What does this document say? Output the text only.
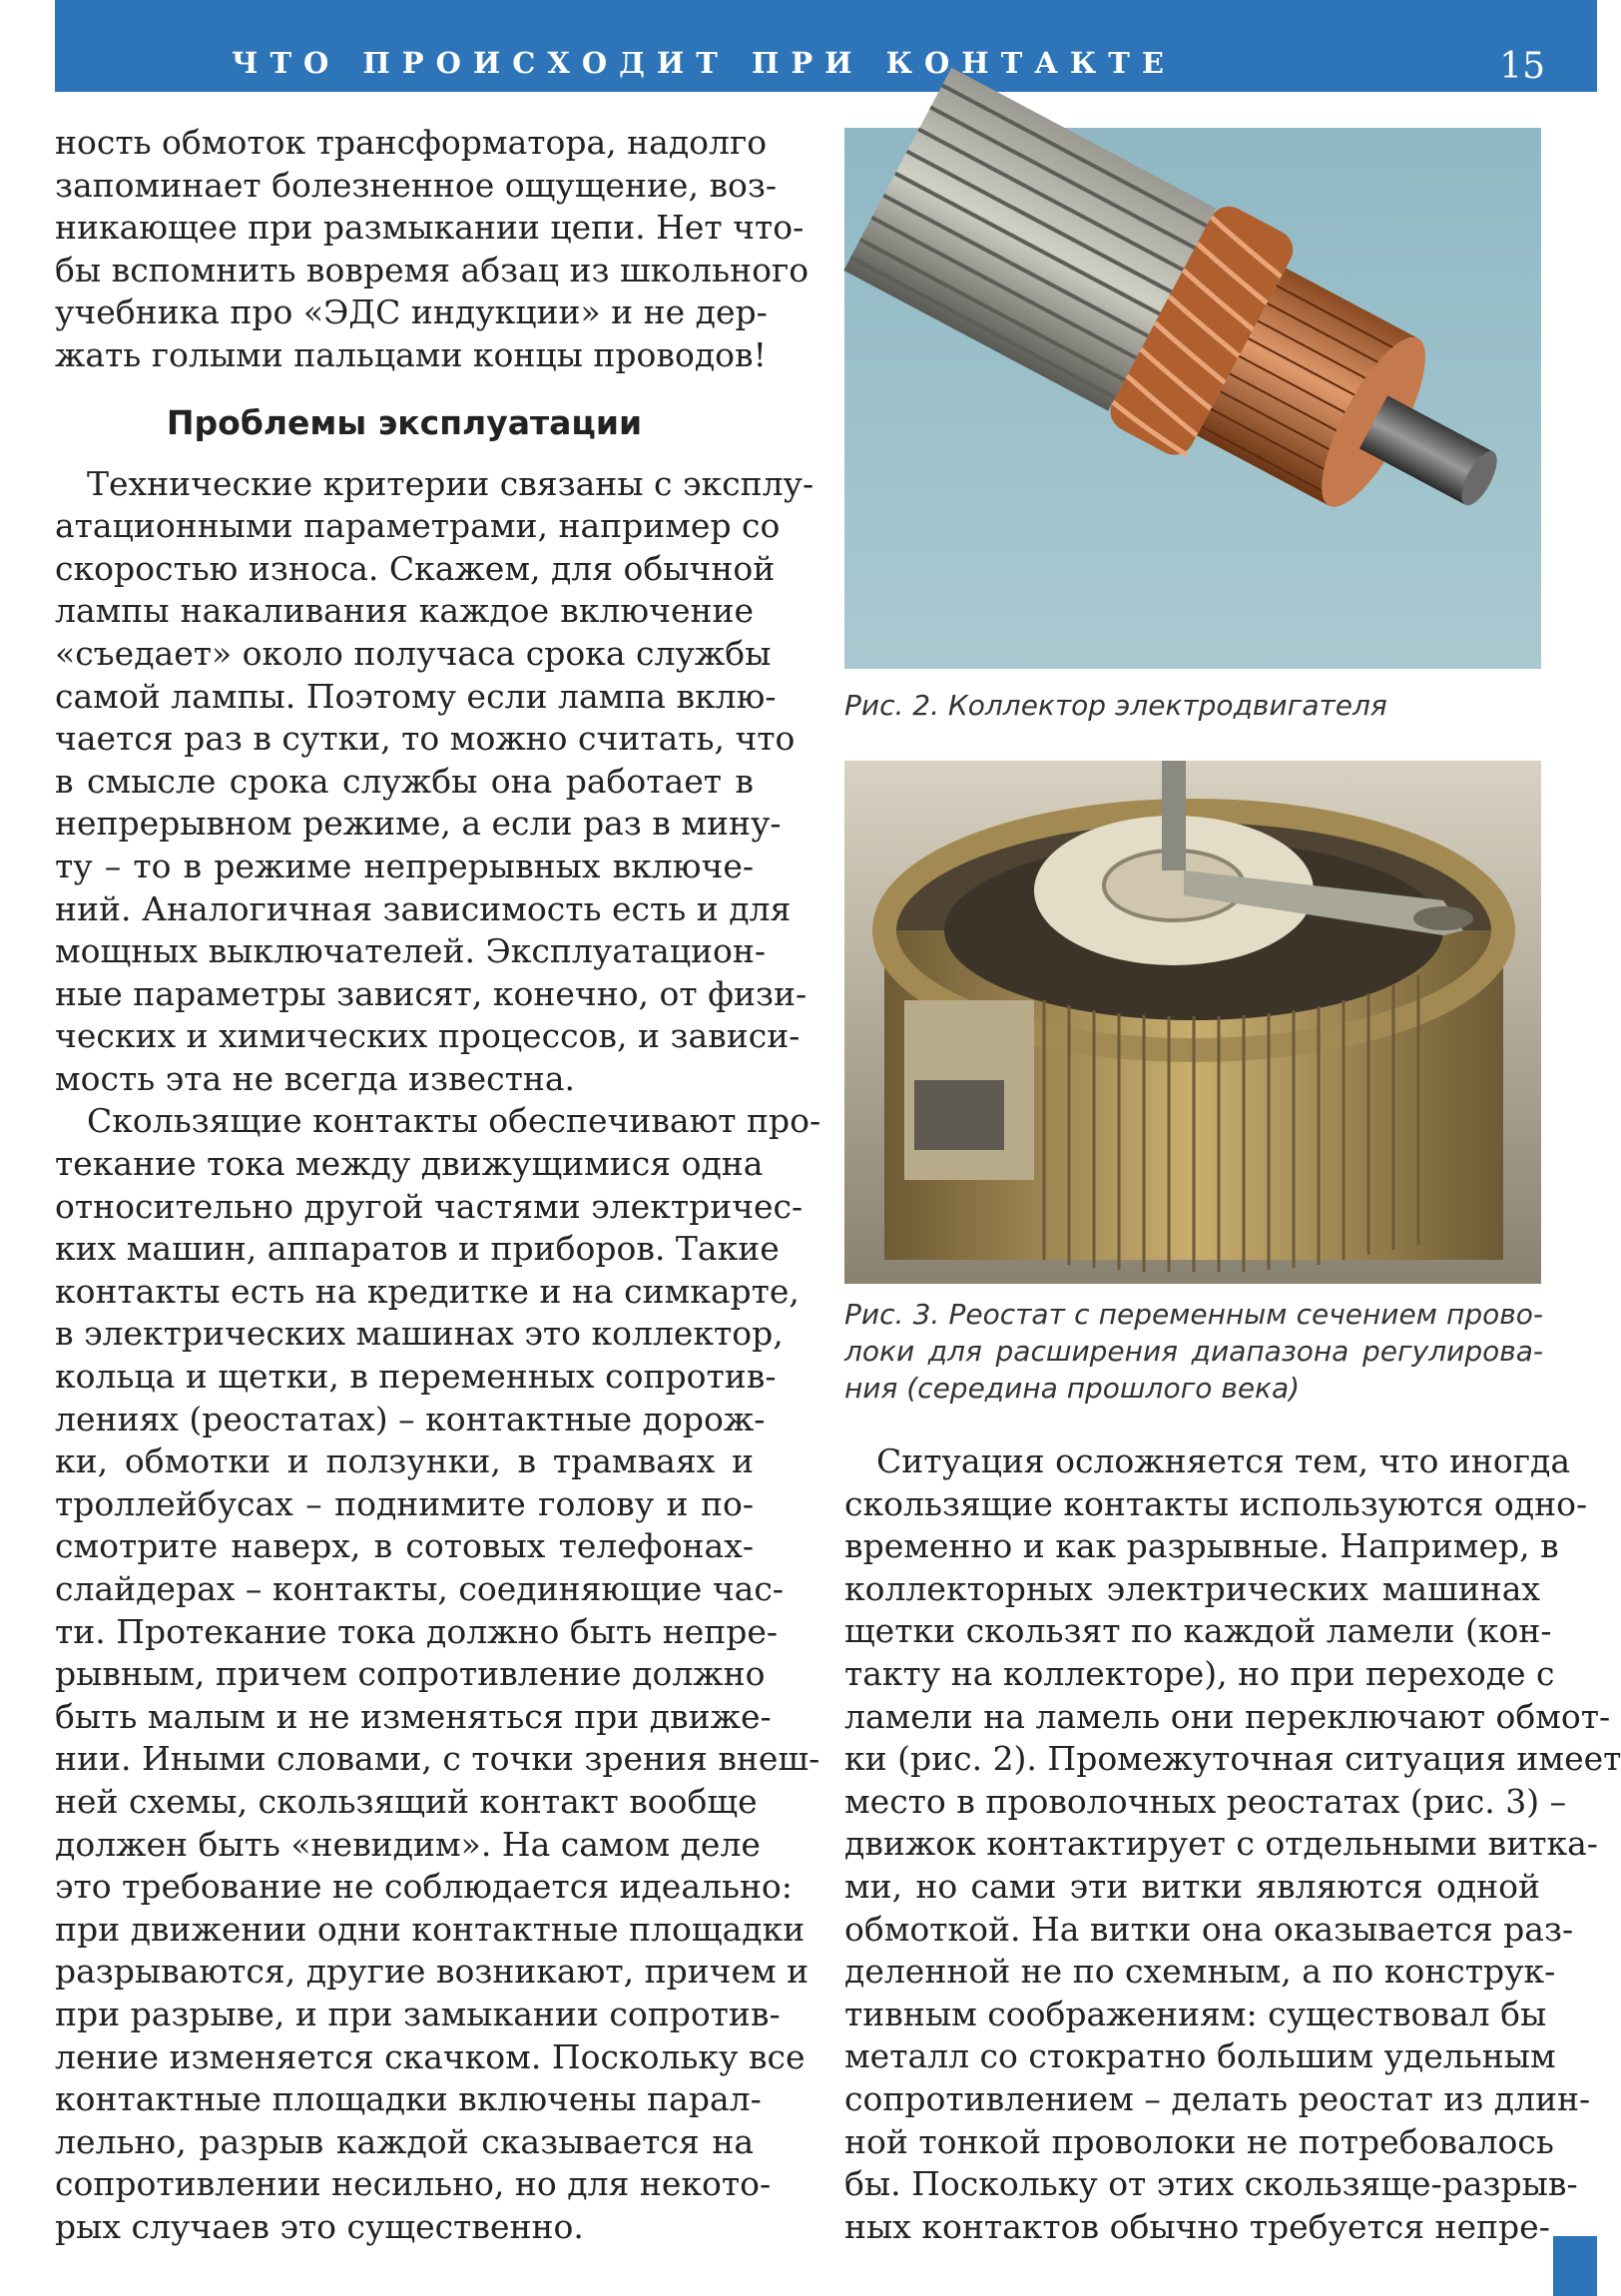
ЧТО ПРОИСХОДИТ ПРИ КОНТАКТЕ	15
ность обмоток трансформатора, надолго
запоминает болезненное ощущение, воз-
никающее при размыкании цепи. Нет что-
бы вспомнить вовремя абзац из школьного
учебника про «ЭДС индукции» и не дер-
жать голыми пальцами концы проводов!
Проблемы эксплуатации
Технические критерии связаны с эксплу-
атационными параметрами, например со
скоростью износа. Скажем, для обычной
лампы накаливания каждое включение
«съедает» около получаса срока службы
самой лампы. Поэтому если лампа вклю-
чается раз в сутки, то можно считать, что
в смысле срока службы она работает в
непрерывном режиме, а если раз в мину-
ту – то в режиме непрерывных включе-
ний. Аналогичная зависимость есть и для
мощных выключателей. Эксплуатацион-
ные параметры зависят, конечно, от физи-
ческих и химических процессов, и зависи-
мость эта не всегда известна.
Скользящие контакты обеспечивают про-
текание тока между движущимися одна
относительно другой частями электричес-
ких машин, аппаратов и приборов. Такие
контакты есть на кредитке и на симкарте,
в электрических машинах это коллектор,
кольца и щетки, в переменных сопротив-
лениях (реостатах) – контактные дорож-
ки, обмотки и ползунки, в трамваях и
троллейбусах – поднимите голову и по-
смотрите наверх, в сотовых телефонах-
слайдерах – контакты, соединяющие час-
ти. Протекание тока должно быть непре-
рывным, причем сопротивление должно
быть малым и не изменяться при движе-
нии. Иными словами, с точки зрения внеш-
ней схемы, скользящий контакт вообще
должен быть «невидим». На самом деле
это требование не соблюдается идеально:
при движении одни контактные площадки
разрываются, другие возникают, причем и
при разрыве, и при замыкании сопротив-
ление изменяется скачком. Поскольку все
контактные площадки включены парал-
лельно, разрыв каждой сказывается на
сопротивлении несильно, но для некото-
рых случаев это существенно.
Рис. 2. Коллектор электродвигателя
Рис. 3. Реостат с переменным сечением прово-
локи для расширения диапазона регулирова-
ния (середина прошлого века)
Ситуация осложняется тем, что иногда
скользящие контакты используются одно-
временно и как разрывные. Например, в
коллекторных электрических машинах
щетки скользят по каждой ламели (кон-
такту на коллекторе), но при переходе с
ламели на ламель они переключают обмот-
ки (рис. 2). Промежуточная ситуация имеет
место в проволочных реостатах (рис. 3) –
движок контактирует с отдельными витка-
ми, но сами эти витки являются одной
обмоткой. На витки она оказывается раз-
деленной не по схемным, а по конструк-
тивным соображениям: существовал бы
металл со стократно большим удельным
сопротивлением – делать реостат из длин-
ной тонкой проволоки не потребовалось
бы. Поскольку от этих скользяще-разрыв-
ных контактов обычно требуется непре-
